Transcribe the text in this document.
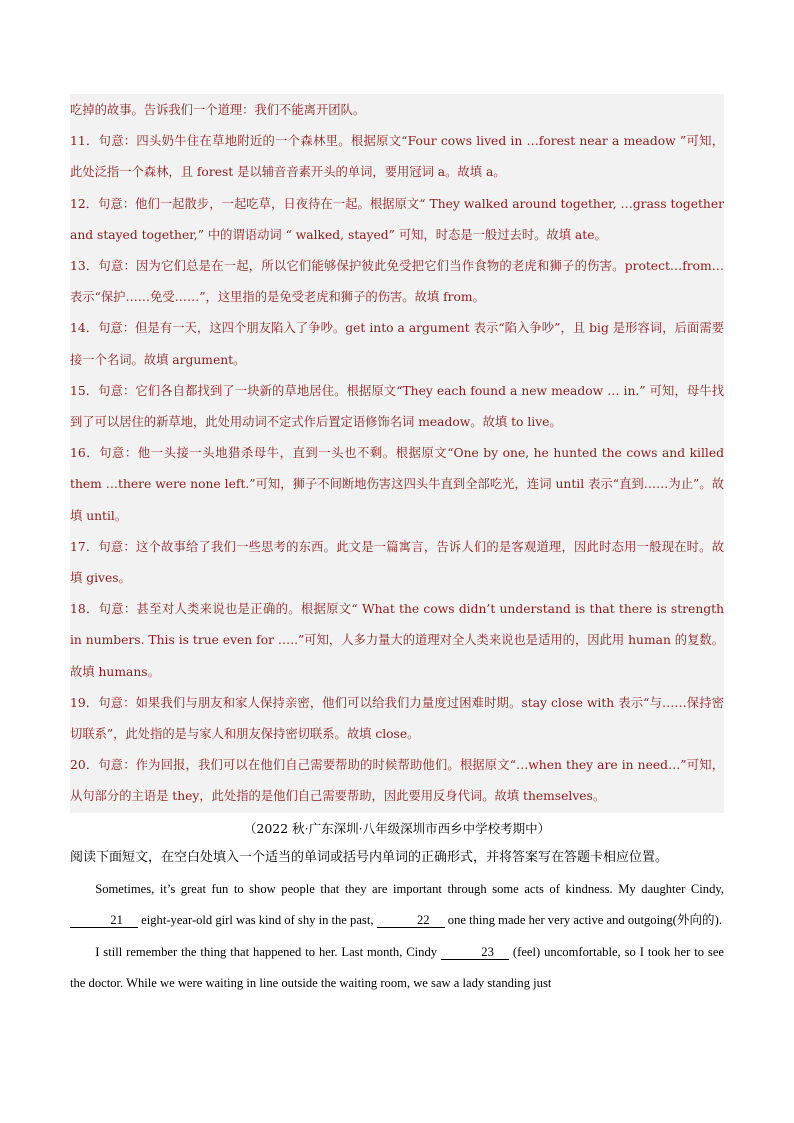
吃掉的故事。告诉我们一个道理：我们不能离开团队。

11．句意：四头奶牛住在草地附近的一个森林里。根据原文“Four cows lived in …forest near a meadow ”可知，此处泛指一个森林，且 forest 是以辅音音素开头的单词，要用冠词 a。故填 a。

12．句意：他们一起散步，一起吃草，日夜待在一起。根据原文“ They walked around together, …grass together and stayed together,” 中的谓语动词 “ walked, stayed” 可知，时态是一般过去时。故填 ate。

13．句意：因为它们总是在一起，所以它们能够保护彼此免受把它们当作食物的老虎和狮子的伤害。protect…from…表示“保护……免受……”，这里指的是免受老虎和狮子的伤害。故填 from。

14．句意：但是有一天，这四个朋友陷入了争吵。get into a argument 表示“陷入争吵”，且 big 是形容词，后面需要接一个名词。故填 argument。

15．句意：它们各自都找到了一块新的草地居住。根据原文“They each found a new meadow … in.” 可知，母牛找到了可以居住的新草地，此处用动词不定式作后置定语修饰名词 meadow。故填 to live。

16．句意：他一头接一头地猎杀母牛，直到一头也不剩。根据原文“One by one, he hunted the cows and killed them …there were none left.”可知，狮子不间断地伤害这四头牛直到全部吃光，连词 until 表示“直到……为止”。故填 until。

17．句意：这个故事给了我们一些思考的东西。此文是一篇寓言，告诉人们的是客观道理，因此时态用一般现在时。故填 gives。

18．句意：甚至对人类来说也是正确的。根据原文“ What the cows didn’t understand is that there is strength in numbers. This is true even for …..”可知，人多力量大的道理对全人类来说也是适用的，因此用 human 的复数。故填 humans。

19．句意：如果我们与朋友和家人保持亲密，他们可以给我们力量度过困难时期。stay close with 表示“与……保持密切联系”，此处指的是与家人和朋友保持密切联系。故填 close。

20．句意：作为回报，我们可以在他们自己需要帮助的时候帮助他们。根据原文“…when they are in need…”可知，从句部分的主语是 they，此处指的是他们自己需要帮助，因此要用反身代词。故填 themselves。

（2022 秋·广东深圳·八年级深圳市西乡中学校考期中）
阅读下面短文，在空白处填入一个适当的单词或括号内单词的正确形式，并将答案写在答题卡相应位置。

Sometimes, it’s great fun to show people that they are important through some acts of kindness. My daughter Cindy, 21 eight-year-old girl was kind of shy in the past,	22 one thing made her very active and outgoing(外向的).

I still remember the thing that happened to her. Last month, Cindy	23 (feel) uncomfortable, so I took her to see the doctor. While we were waiting in line outside the waiting room, we saw a lady standing just
